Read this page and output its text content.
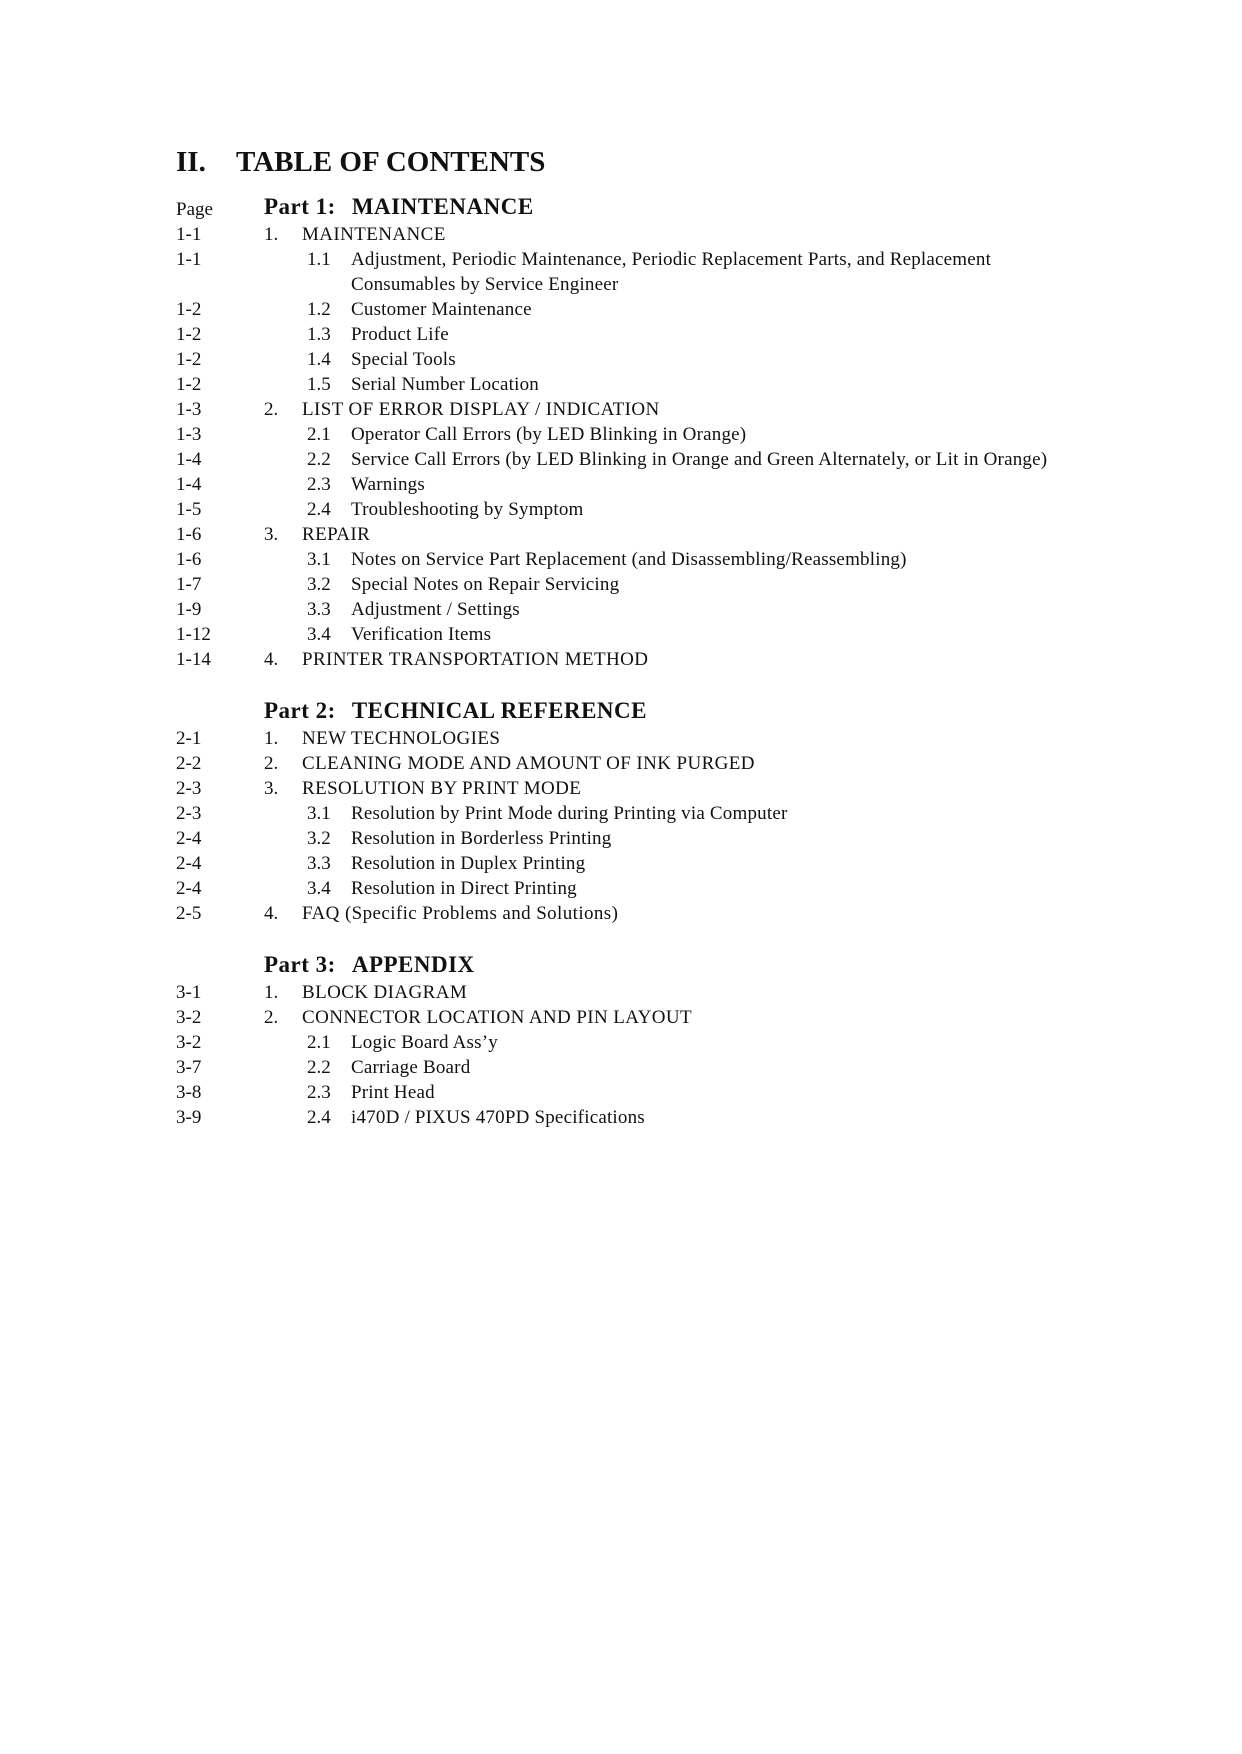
II. TABLE OF CONTENTS
Page	Part 1: MAINTENANCE
1-1	1.	MAINTENANCE
1-1	1.1	Adjustment, Periodic Maintenance, Periodic Replacement Parts, and Replacement Consumables by Service Engineer
1-2	1.2	Customer Maintenance
1-2	1.3	Product Life
1-2	1.4	Special Tools
1-2	1.5	Serial Number Location
1-3	2.	LIST OF ERROR DISPLAY / INDICATION
1-3	2.1	Operator Call Errors (by LED Blinking in Orange)
1-4	2.2	Service Call Errors (by LED Blinking in Orange and Green Alternately, or Lit in Orange)
1-4	2.3	Warnings
1-5	2.4	Troubleshooting by Symptom
1-6	3.	REPAIR
1-6	3.1	Notes on Service Part Replacement (and Disassembling/Reassembling)
1-7	3.2	Special Notes on Repair Servicing
1-9	3.3	Adjustment / Settings
1-12	3.4	Verification Items
1-14	4.	PRINTER TRANSPORTATION METHOD
Part 2: TECHNICAL REFERENCE
2-1	1.	NEW TECHNOLOGIES
2-2	2.	CLEANING MODE AND AMOUNT OF INK PURGED
2-3	3.	RESOLUTION BY PRINT MODE
2-3	3.1	Resolution by Print Mode during Printing via Computer
2-4	3.2	Resolution in Borderless Printing
2-4	3.3	Resolution in Duplex Printing
2-4	3.4	Resolution in Direct Printing
2-5	4.	FAQ (Specific Problems and Solutions)
Part 3: APPENDIX
3-1	1.	BLOCK DIAGRAM
3-2	2.	CONNECTOR LOCATION AND PIN LAYOUT
3-2	2.1	Logic Board Ass’y
3-7	2.2	Carriage Board
3-8	2.3	Print Head
3-9	2.4	i470D / PIXUS 470PD Specifications
